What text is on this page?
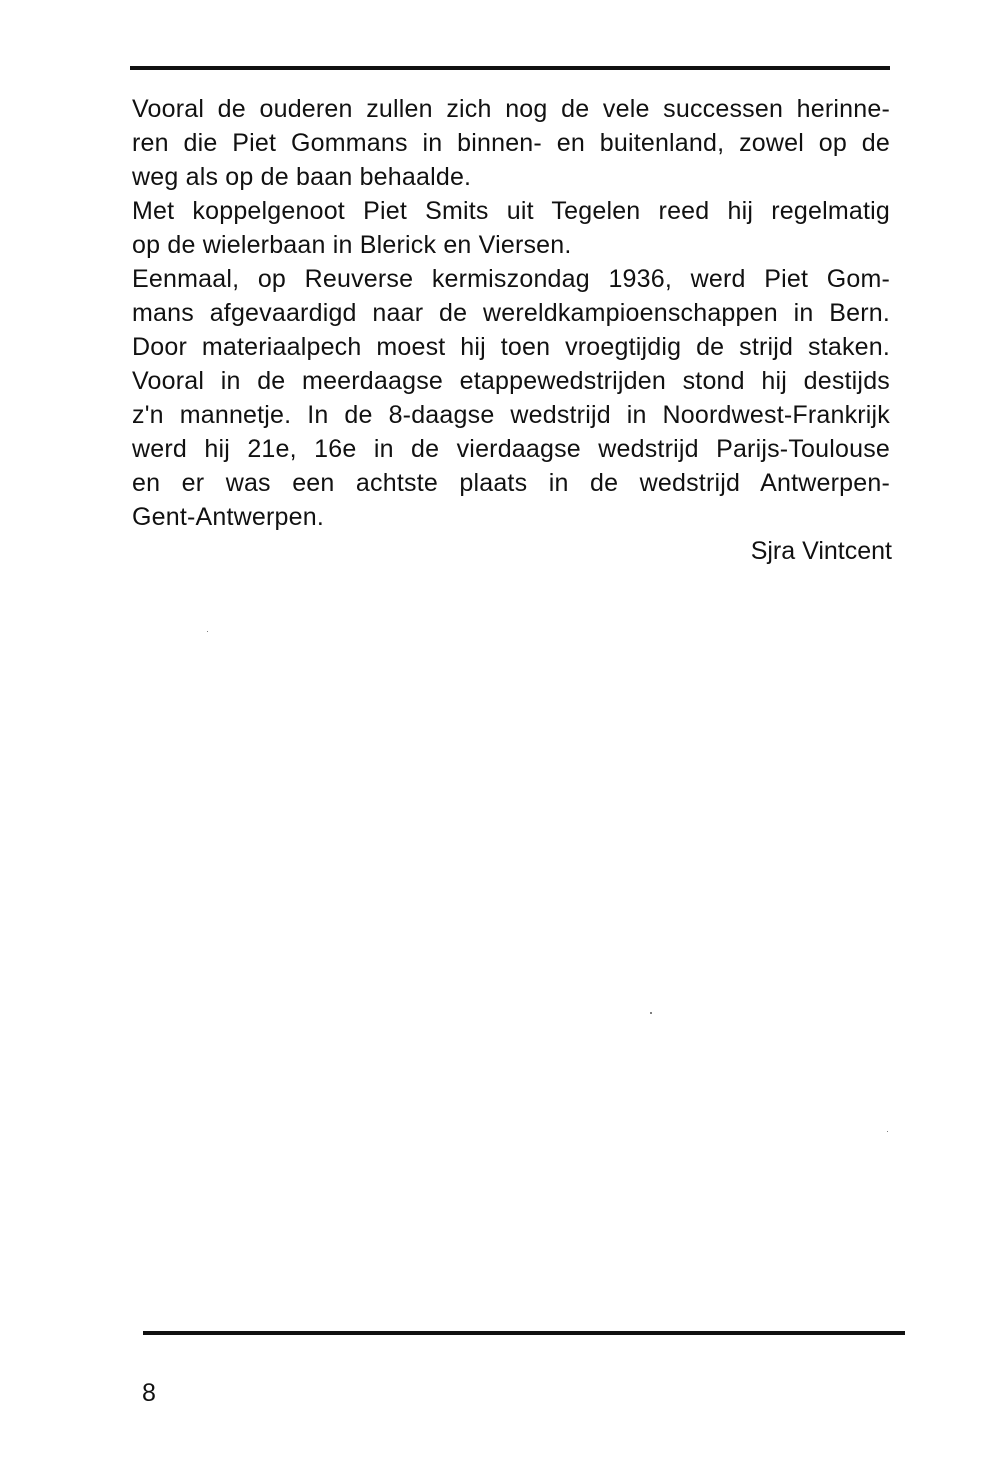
Vooral de ouderen zullen zich nog de vele successen herinne-
ren die Piet Gommans in binnen- en buitenland, zowel op de
weg als op de baan behaalde.
Met koppelgenoot Piet Smits uit Tegelen reed hij regelmatig
op de wielerbaan in Blerick en Viersen.
Eenmaal, op Reuverse kermiszondag 1936, werd Piet Gom-
mans afgevaardigd naar de wereldkampioenschappen in Bern.
Door materiaalpech moest hij toen vroegtijdig de strijd staken.
Vooral in de meerdaagse etappewedstrijden stond hij destijds
z'n mannetje. In de 8-daagse wedstrijd in Noordwest-Frankrijk
werd hij 21e, 16e in de vierdaagse wedstrijd Parijs-Toulouse
en er was een achtste plaats in de wedstrijd Antwerpen-
Gent-Antwerpen.
Sjra Vintcent
8
